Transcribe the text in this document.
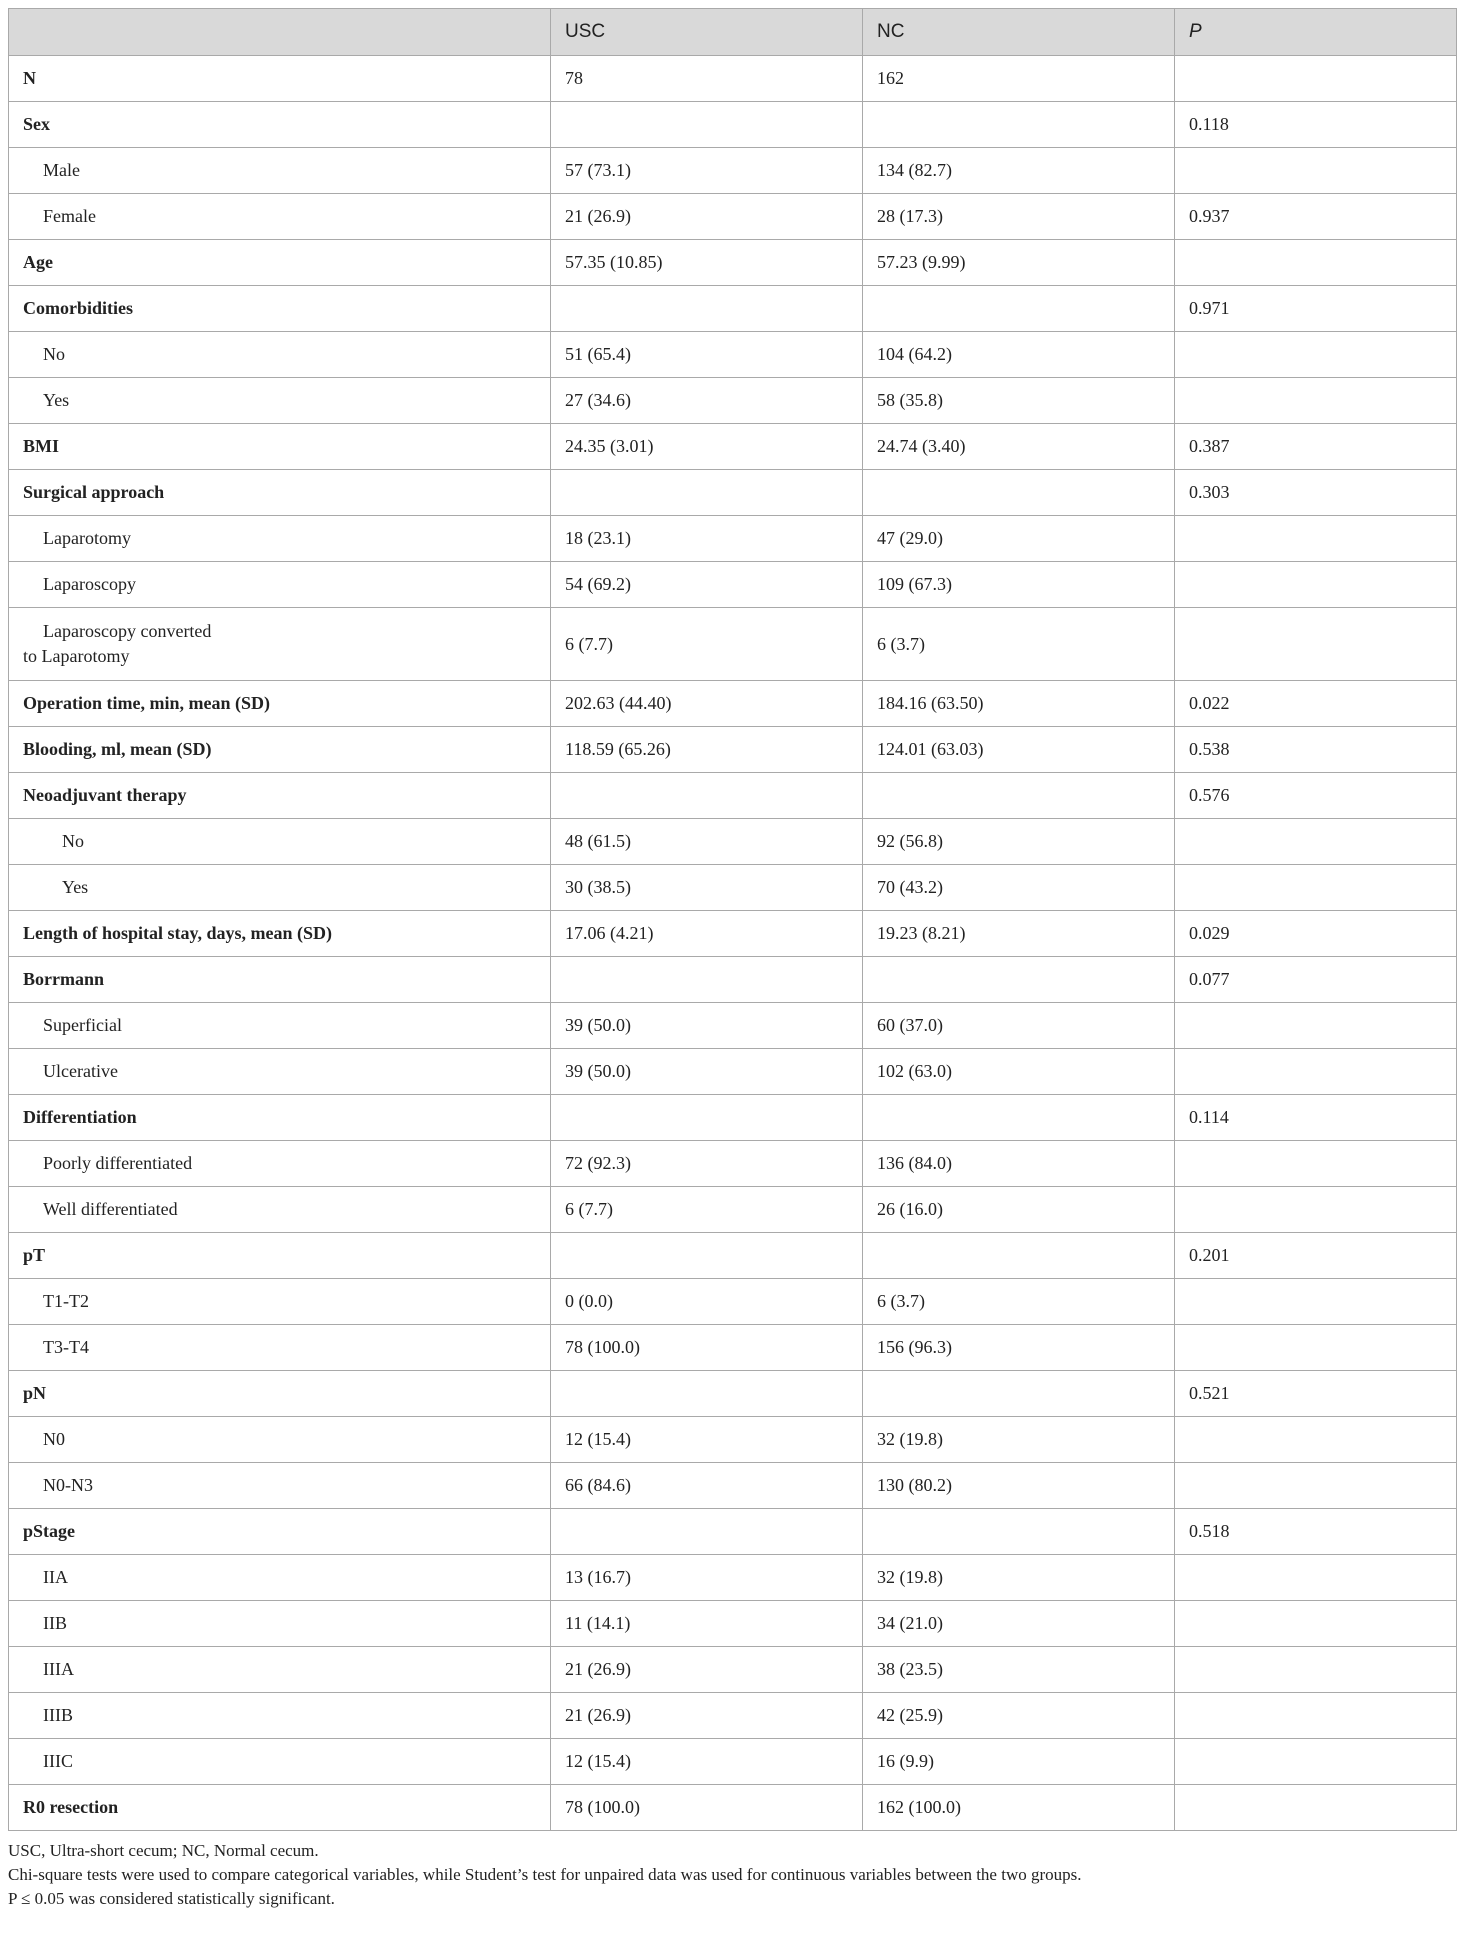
	USC	NC	P
N	78	162	
Sex			0.118
Male	57 (73.1)	134 (82.7)	
Female	21 (26.9)	28 (17.3)	0.937
Age	57.35 (10.85)	57.23 (9.99)	
Comorbidities			0.971
No	51 (65.4)	104 (64.2)	
Yes	27 (34.6)	58 (35.8)	
BMI	24.35 (3.01)	24.74 (3.40)	0.387
Surgical approach			0.303
Laparotomy	18 (23.1)	47 (29.0)	
Laparoscopy	54 (69.2)	109 (67.3)	

Laparoscopy converted
to Laparotomy	6 (7.7)	6 (3.7)	
Operation time, min, mean (SD)	202.63 (44.40)	184.16 (63.50)	0.022
Blooding, ml, mean (SD)	118.59 (65.26)	124.01 (63.03)	0.538
Neoadjuvant therapy			0.576
No	48 (61.5)	92 (56.8)	
Yes	30 (38.5)	70 (43.2)	
Length of hospital stay, days, mean (SD)	17.06 (4.21)	19.23 (8.21)	0.029
Borrmann			0.077
Superficial	39 (50.0)	60 (37.0)	
Ulcerative	39 (50.0)	102 (63.0)	
Differentiation			0.114
Poorly differentiated	72 (92.3)	136 (84.0)	
Well differentiated	6 (7.7)	26 (16.0)	
pT			0.201
T1-T2	0 (0.0)	6 (3.7)	
T3-T4	78 (100.0)	156 (96.3)	
pN			0.521
N0	12 (15.4)	32 (19.8)	
N0-N3	66 (84.6)	130 (80.2)	
pStage			0.518
IIA	13 (16.7)	32 (19.8)	
IIB	11 (14.1)	34 (21.0)	
IIIA	21 (26.9)	38 (23.5)	
IIIB	21 (26.9)	42 (25.9)	
IIIC	12 (15.4)	16 (9.9)	
R0 resection	78 (100.0)	162 (100.0)	
USC, Ultra-short cecum; NC, Normal cecum.
Chi-square tests were used to compare categorical variables, while Student’s test for unpaired data was used for continuous variables between the two groups.
P ≤ 0.05 was considered statistically significant.
